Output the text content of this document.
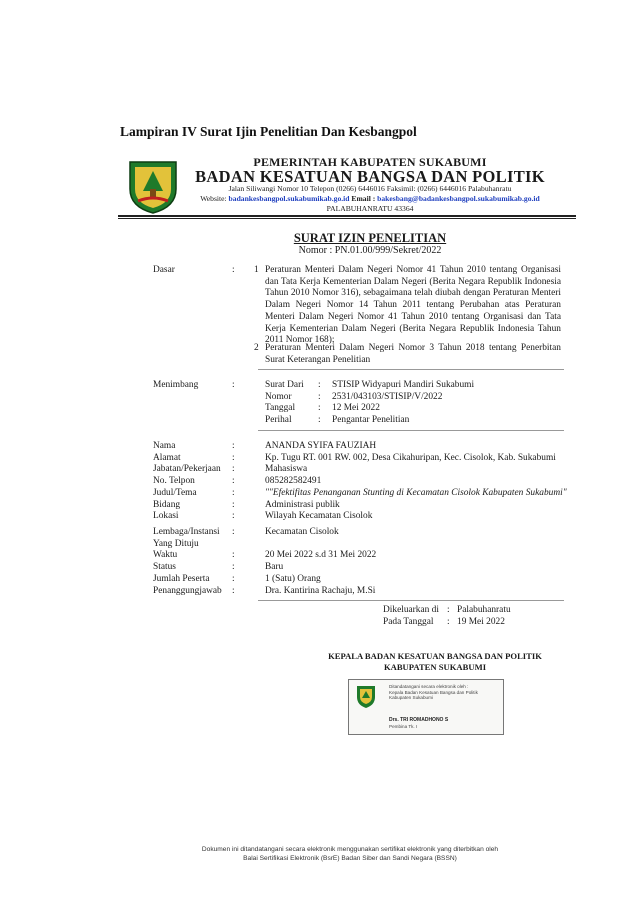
Lampiran IV Surat Ijin Penelitian Dan Kesbangpol
PEMERINTAH KABUPATEN SUKABUMI
BADAN KESATUAN BANGSA DAN POLITIK
Jalan Siliwangi Nomor 10 Telepon (0266) 6446016 Faksimil: (0266) 6446016 Palabuhanratu
Website: badankesbangpol.sukabumikab.go.id Email : bakesbang@badankesbangpol.sukabumikab.go.id
PALABUHANRATU 43364
SURAT IZIN PENELITIAN
Nomor : PN.01.00/999/Sekret/2022
Dasar	: 1 Peraturan Menteri Dalam Negeri Nomor 41 Tahun 2010 tentang Organisasi dan Tata Kerja Kementerian Dalam Negeri (Berita Negara Republik Indonesia Tahun 2010 Nomor 316), sebagaimana telah diubah dengan Peraturan Menteri Dalam Negeri Nomor 14 Tahun 2011 tentang Perubahan atas Peraturan Menteri Dalam Negeri Nomor 41 Tahun 2010 tentang Organisasi dan Tata Kerja Kementerian Dalam Negeri (Berita Negara Republik Indonesia Tahun 2011 Nomor 168);
2 Peraturan Menteri Dalam Negeri Nomor 3 Tahun 2018 tentang Penerbitan Surat Keterangan Penelitian
Menimbang	:	Surat Dari : STISIP Widyapuri Mandiri Sukabumi
Nomor	: 2531/043103/STISIP/V/2022
Tanggal : 12 Mei 2022
Perihal	: Pengantar Penelitian
Nama	:	ANANDA SYIFA FAUZIAH
Alamat	:	Kp. Tugu RT. 001 RW. 002, Desa Cikahuripan, Kec. Cisolok, Kab. Sukabumi
Jabatan/Pekerjaan :	Mahasiswa
No. Telpon	:	085282582491
Judul/Tema	:	""Efektifitas Penanganan Stunting di Kecamatan Cisolok Kabupaten Sukabumi"
Bidang	:	Administrasi publik
Lokasi	:	Wilayah Kecamatan Cisolok
Lembaga/Instansi
Yang Dituju
:	Kecamatan Cisolok
Waktu	:	20 Mei 2022 s.d 31 Mei 2022
Status	:	Baru
Jumlah Peserta :	1 (Satu) Orang
Penanggungjawab :	Dra. Kantirina Rachaju, M.Si
Dikeluarkan di : Palabuhanratu
Pada Tanggal : 19 Mei 2022
KEPALA BADAN KESATUAN BANGSA DAN POLITIK
KABUPATEN SUKABUMI
Ditandatangani secara elektronik oleh :
Kepala Badan Kesatuan Bangsa dan Politik
Kabupaten Sukabumi
Drs. TRI ROMADHONO S
Pembina Tk. I
Dokumen ini ditandatangani secara elektronik menggunakan sertifikat elektronik yang diterbitkan oleh
Balai Sertifikasi Elektronik (BsrE) Badan Siber dan Sandi Negara (BSSN)
